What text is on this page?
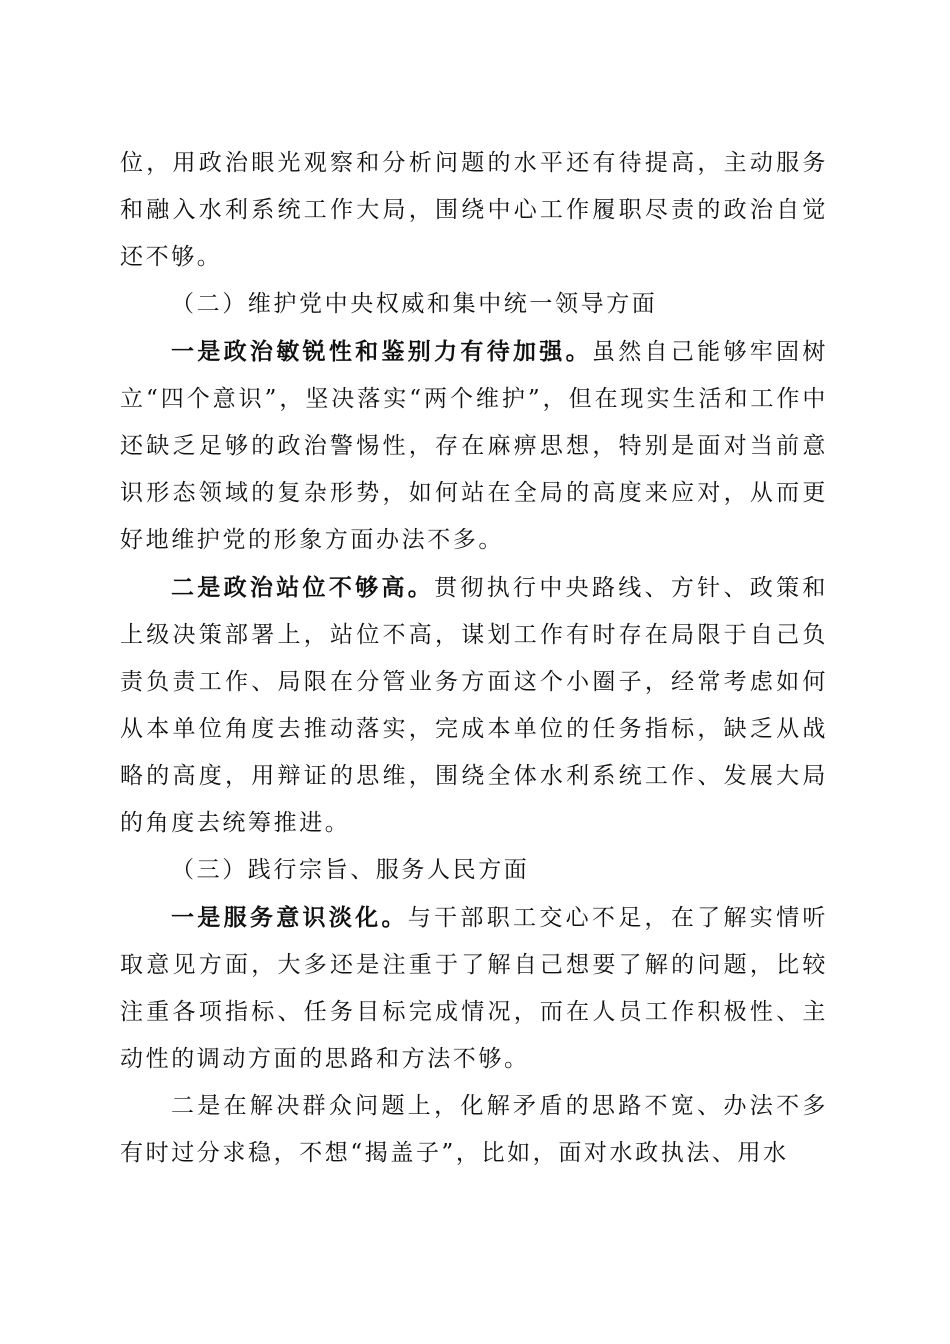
位，用政治眼光观察和分析问题的水平还有待提高，主动服务和融入水利系统工作大局，围绕中心工作履职尽责的政治自觉还不够。

（二）维护党中央权威和集中统一领导方面

一是政治敏锐性和鉴别力有待加强。虽然自己能够牢固树立“四个意识”，坚决落实“两个维护”，但在现实生活和工作中还缺乏足够的政治警惕性，存在麻痹思想，特别是面对当前意识形态领域的复杂形势，如何站在全局的高度来应对，从而更好地维护党的形象方面办法不多。

二是政治站位不够高。贯彻执行中央路线、方针、政策和上级决策部署上，站位不高，谋划工作有时存在局限于自己负责负责工作、局限在分管业务方面这个小圈子，经常考虑如何从本单位角度去推动落实，完成本单位的任务指标，缺乏从战略的高度，用辩证的思维，围绕全体水利系统工作、发展大局的角度去统筹推进。

（三）践行宗旨、服务人民方面

一是服务意识淡化。与干部职工交心不足，在了解实情听取意见方面，大多还是注重于了解自己想要了解的问题，比较注重各项指标、任务目标完成情况，而在人员工作积极性、主动性的调动方面的思路和方法不够。

二是在解决群众问题上，化解矛盾的思路不宽、办法不多有时过分求稳，不想“揭盖子”，比如，面对水政执法、用水
